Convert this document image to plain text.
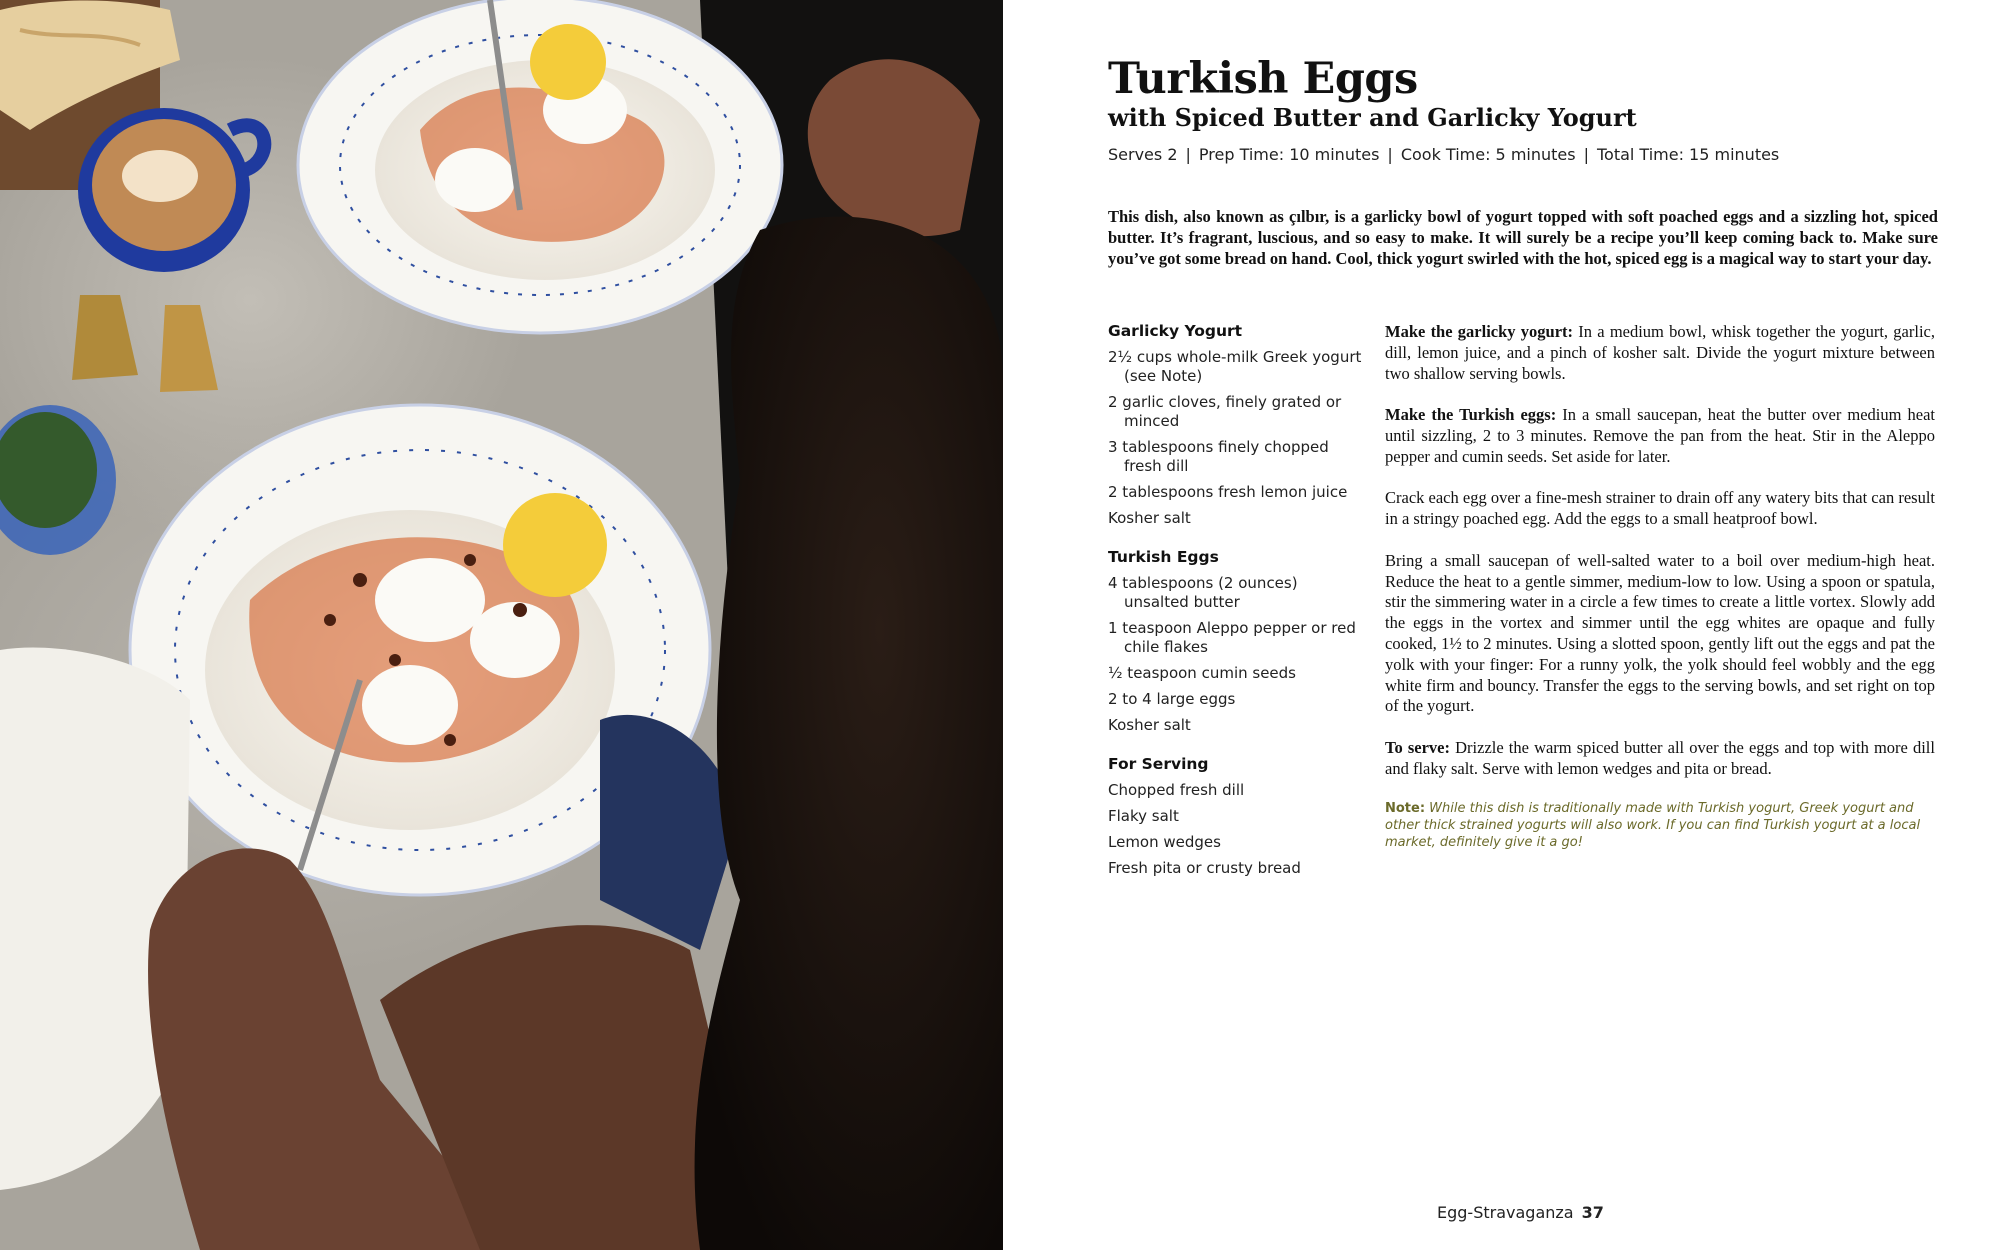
Turkish Eggs
with Spiced Butter and Garlicky Yogurt
Serves 2 | Prep Time: 10 minutes | Cook Time: 5 minutes | Total Time: 15 minutes

This dish, also known as çılbır, is a garlicky bowl of yogurt topped with soft poached eggs and a sizzling hot, spiced butter. It’s fragrant, luscious, and so easy to make. It will surely be a recipe you’ll keep coming back to. Make sure you’ve got some bread on hand. Cool, thick yogurt swirled with the hot, spiced egg is a magical way to start your day.

Garlicky Yogurt
2½ cups whole-milk Greek yogurt (see Note)
2 garlic cloves, finely grated or minced
3 tablespoons finely chopped fresh dill
2 tablespoons fresh lemon juice
Kosher salt
Turkish Eggs
4 tablespoons (2 ounces) unsalted butter
1 teaspoon Aleppo pepper or red chile flakes
½ teaspoon cumin seeds
2 to 4 large eggs
Kosher salt
For Serving
Chopped fresh dill
Flaky salt
Lemon wedges
Fresh pita or crusty bread

Make the garlicky yogurt: In a medium bowl, whisk together the yogurt, garlic, dill, lemon juice, and a pinch of kosher salt. Divide the yogurt mixture between two shallow serving bowls.

Make the Turkish eggs: In a small saucepan, heat the butter over medium heat until sizzling, 2 to 3 minutes. Remove the pan from the heat. Stir in the Aleppo pepper and cumin seeds. Set aside for later.

Crack each egg over a fine-mesh strainer to drain off any watery bits that can result in a stringy poached egg. Add the eggs to a small heatproof bowl.

Bring a small saucepan of well-salted water to a boil over medium-high heat. Reduce the heat to a gentle simmer, medium-low to low. Using a spoon or spatula, stir the simmering water in a circle a few times to create a little vortex. Slowly add the eggs in the vortex and simmer until the egg whites are opaque and fully cooked, 1½ to 2 minutes. Using a slotted spoon, gently lift out the eggs and pat the yolk with your finger: For a runny yolk, the yolk should feel wobbly and the egg white firm and bouncy. Transfer the eggs to the serving bowls, and set right on top of the yogurt.

To serve: Drizzle the warm spiced butter all over the eggs and top with more dill and flaky salt. Serve with lemon wedges and pita or bread.

Note: While this dish is traditionally made with Turkish yogurt, Greek yogurt and other thick strained yogurts will also work. If you can find Turkish yogurt at a local market, definitely give it a go!

Egg-Stravaganza 37
